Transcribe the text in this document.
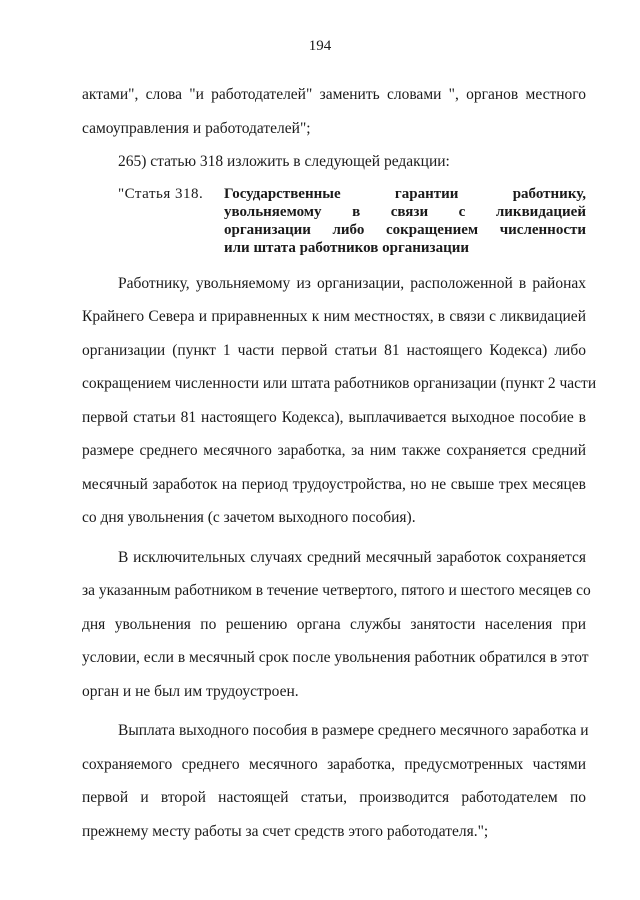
194

актами", слова "и работодателей" заменить словами ", органов местного
самоуправления и работодателей";

265) статью 318 изложить в следующей редакции:

"Статья 318.	Государственные гарантии работнику,
увольняемому в связи с ликвидацией
организации либо сокращением численности
или штата работников организации

Работнику, увольняемому из организации, расположенной в районах
Крайнего Севера и приравненных к ним местностях, в связи с ликвидацией
организации (пункт 1 части первой статьи 81 настоящего Кодекса) либо
сокращением численности или штата работников организации (пункт 2 части
первой статьи 81 настоящего Кодекса), выплачивается выходное пособие в
размере среднего месячного заработка, за ним также сохраняется средний
месячный заработок на период трудоустройства, но не свыше трех месяцев
со дня увольнения (с зачетом выходного пособия).

В исключительных случаях средний месячный заработок сохраняется
за указанным работником в течение четвертого, пятого и шестого месяцев со
дня увольнения по решению органа службы занятости населения при
условии, если в месячный срок после увольнения работник обратился в этот
орган и не был им трудоустроен.

Выплата выходного пособия в размере среднего месячного заработка и
сохраняемого среднего месячного заработка, предусмотренных частями
первой и второй настоящей статьи, производится работодателем по
прежнему месту работы за счет средств этого работодателя.";
